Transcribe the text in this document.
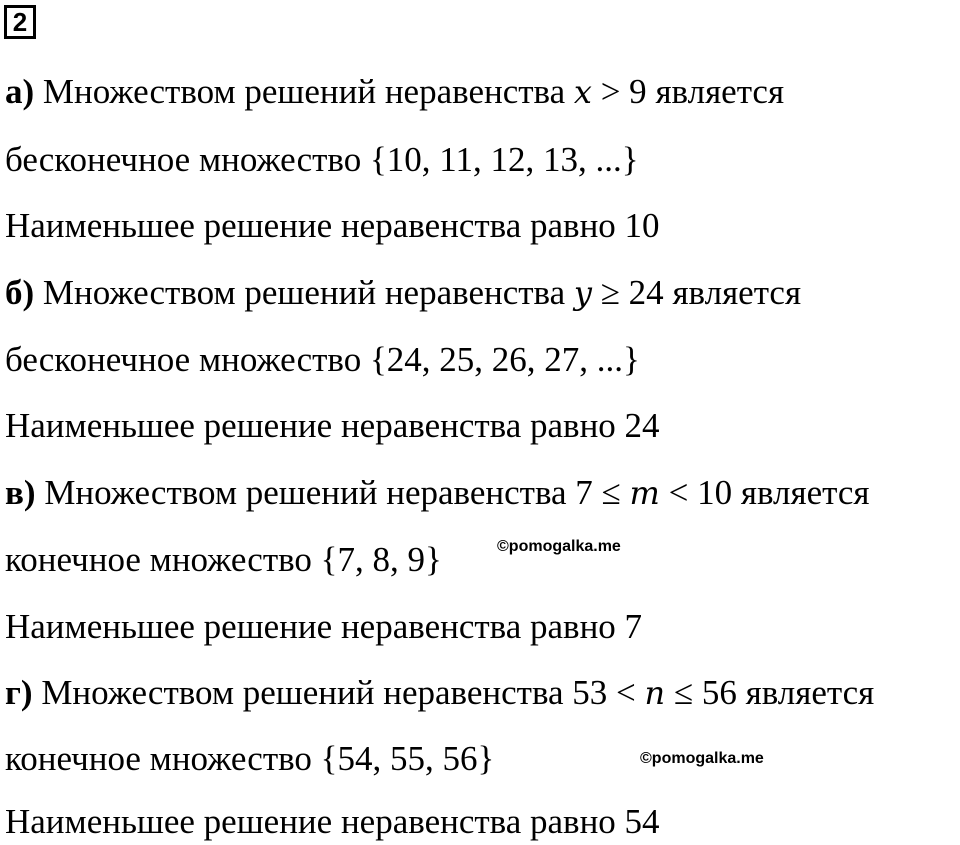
2
а) Множеством решений неравенства x > 9 является
бесконечное множество {10, 11, 12, 13, ...}
Наименьшее решение неравенства равно 10
б) Множеством решений неравенства y ≥ 24 является
бесконечное множество {24, 25, 26, 27, ...}
Наименьшее решение неравенства равно 24
в) Множеством решений неравенства 7 ≤ m < 10 является
конечное множество {7, 8, 9}	©pomogalka.me
Наименьшее решение неравенства равно 7
г) Множеством решений неравенства 53 < n ≤ 56 является
конечное множество {54, 55, 56}	©pomogalka.me
Наименьшее решение неравенства равно 54
